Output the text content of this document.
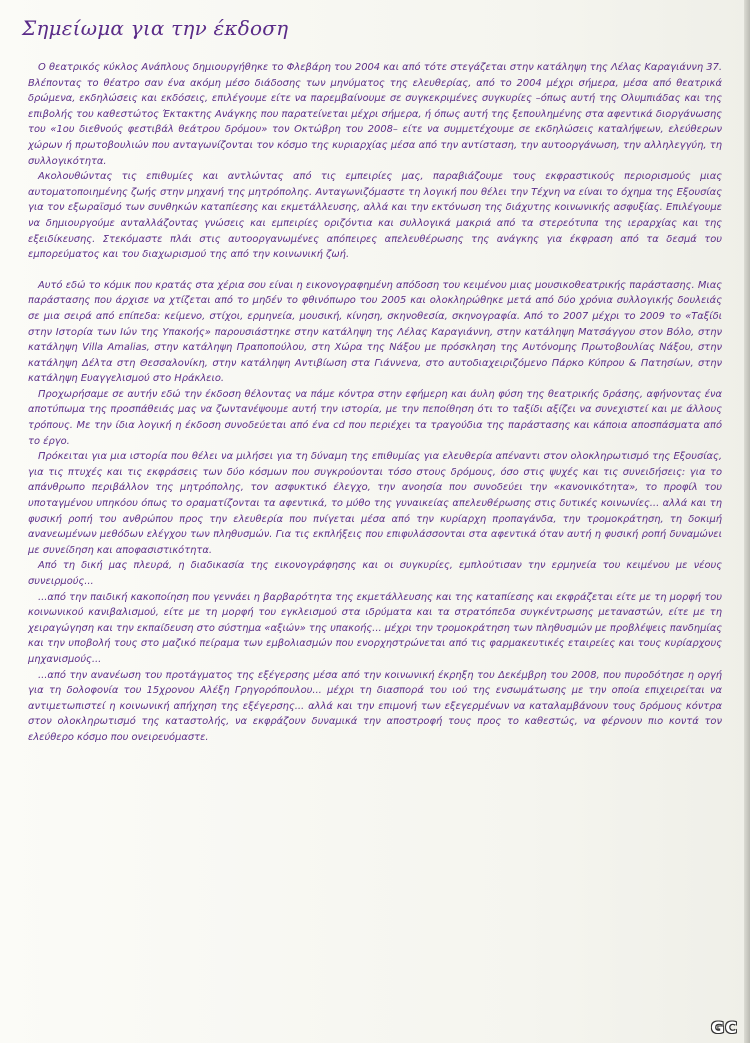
Σημείωμα για την έκδοση

Ο θεατρικός κύκλος Ανάπλους δημιουργήθηκε το Φλεβάρη του 2004 και από τότε στεγάζεται στην κατάληψη της Λέλας Καραγιάννη 37. Βλέποντας το θέατρο σαν ένα ακόμη μέσο διάδοσης των μηνύματος της ελευθερίας, από το 2004 μέχρι σήμερα, μέσα από θεατρικά δρώμενα, εκδηλώσεις και εκδόσεις, επιλέγουμε είτε να παρεμβαίνουμε σε συγκεκριμένες συγκυρίες –όπως αυτή της Ολυμπιάδας και της επιβολής του καθεστώτος Έκτακτης Ανάγκης που παρατείνεται μέχρι σήμερα, ή όπως αυτή της ξεπουλημένης στα αφεντικά διοργάνωσης του «1ου διεθνούς φεστιβάλ θεάτρου δρόμου» τον Οκτώβρη του 2008– είτε να συμμετέχουμε σε εκδηλώσεις καταλήψεων, ελεύθερων χώρων ή πρωτοβουλιών που ανταγωνίζονται τον κόσμο της κυριαρχίας μέσα από την αντίσταση, την αυτοοργάνωση, την αλληλεγγύη, τη συλλογικότητα.

Ακολουθώντας τις επιθυμίες και αντλώντας από τις εμπειρίες μας, παραβιάζουμε τους εκφραστικούς περιορισμούς μιας αυτοματοποιημένης ζωής στην μηχανή της μητρόπολης. Ανταγωνιζόμαστε τη λογική που θέλει την Τέχνη να είναι το όχημα της Εξουσίας για τον εξωραϊσμό των συνθηκών καταπίεσης και εκμετάλλευσης, αλλά και την εκτόνωση της διάχυτης κοινωνικής ασφυξίας. Επιλέγουμε να δημιουργούμε ανταλλάζοντας γνώσεις και εμπειρίες οριζόντια και συλλογικά μακριά από τα στερεότυπα της ιεραρχίας και της εξειδίκευσης. Στεκόμαστε πλάι στις αυτοοργανωμένες απόπειρες απελευθέρωσης της ανάγκης για έκφραση από τα δεσμά του εμπορεύματος και του διαχωρισμού της από την κοινωνική ζωή.

Αυτό εδώ το κόμικ που κρατάς στα χέρια σου είναι η εικονογραφημένη απόδοση του κειμένου μιας μουσικοθεατρικής παράστασης. Μιας παράστασης που άρχισε να χτίζεται από το μηδέν το φθινόπωρο του 2005 και ολοκληρώθηκε μετά από δύο χρόνια συλλογικής δουλειάς σε μια σειρά από επίπεδα: κείμενο, στίχοι, ερμηνεία, μουσική, κίνηση, σκηνοθεσία, σκηνογραφία. Από το 2007 μέχρι το 2009 το «Ταξίδι στην Ιστορία των Ιών της Υπακοής» παρουσιάστηκε στην κατάληψη της Λέλας Καραγιάννη, στην κατάληψη Ματσάγγου στον Βόλο, στην κατάληψη Villa Amalias, στην κατάληψη Πραποπούλου, στη Χώρα της Νάξου με πρόσκληση της Αυτόνομης Πρωτοβουλίας Νάξου, στην κατάληψη Δέλτα στη Θεσσαλονίκη, στην κατάληψη Αντιβίωση στα Γιάννενα, στο αυτοδιαχειριζόμενο Πάρκο Κύπρου & Πατησίων, στην κατάληψη Ευαγγελισμού στο Ηράκλειο.

Προχωρήσαμε σε αυτήν εδώ την έκδοση θέλοντας να πάμε κόντρα στην εφήμερη και άυλη φύση της θεατρικής δράσης, αφήνοντας ένα αποτύπωμα της προσπάθειάς μας να ζωντανέψουμε αυτή την ιστορία, με την πεποίθηση ότι το ταξίδι αξίζει να συνεχιστεί και με άλλους τρόπους. Με την ίδια λογική η έκδοση συνοδεύεται από ένα cd που περιέχει τα τραγούδια της παράστασης και κάποια αποσπάσματα από το έργο.

Πρόκειται για μια ιστορία που θέλει να μιλήσει για τη δύναμη της επιθυμίας για ελευθερία απέναντι στον ολοκληρωτισμό της Εξουσίας, για τις πτυχές και τις εκφράσεις των δύο κόσμων που συγκρούονται τόσο στους δρόμους, όσο στις ψυχές και τις συνειδήσεις: για το απάνθρωπο περιβάλλον της μητρόπολης, τον ασφυκτικό έλεγχο, την ανοησία που συνοδεύει την «κανονικότητα», το προφίλ του υποταγμένου υπηκόου όπως το οραματίζονται τα αφεντικά, το μύθο της γυναικείας απελευθέρωσης στις δυτικές κοινωνίες... αλλά και τη φυσική ροπή του ανθρώπου προς την ελευθερία που πνίγεται μέσα από την κυρίαρχη προπαγάνδα, την τρομοκράτηση, τη δοκιμή ανανεωμένων μεθόδων ελέγχου των πληθυσμών. Για τις εκπλήξεις που επιφυλάσσονται στα αφεντικά όταν αυτή η φυσική ροπή δυναμώνει με συνείδηση και αποφασιστικότητα.

Από τη δική μας πλευρά, η διαδικασία της εικονογράφησης και οι συγκυρίες, εμπλούτισαν την ερμηνεία του κειμένου με νέους συνειρμούς...

...από την παιδική κακοποίηση που γεννάει η βαρβαρότητα της εκμετάλλευσης και της καταπίεσης και εκφράζεται είτε με τη μορφή του κοινωνικού κανιβαλισμού, είτε με τη μορφή του εγκλεισμού στα ιδρύματα και τα στρατόπεδα συγκέντρωσης μεταναστών, είτε με τη χειραγώγηση και την εκπαίδευση στο σύστημα «αξιών» της υπακοής... μέχρι την τρομοκράτηση των πληθυσμών με προβλέψεις πανδημίας και την υποβολή τους στο μαζικό πείραμα των εμβολιασμών που ενορχηστρώνεται από τις φαρμακευτικές εταιρείες και τους κυρίαρχους μηχανισμούς...

...από την ανανέωση του πρoτάγματος της εξέγερσης μέσα από την κοινωνική έκρηξη του Δεκέμβρη του 2008, που πυροδότησε η οργή για τη δολοφονία του 15χρονου Αλέξη Γρηγορόπουλου... μέχρι τη διασπορά του ιού της ενσωμάτωσης με την οποία επιχειρείται να αντιμετωπιστεί η κοινωνική απήχηση της εξέγερσης... αλλά και την επιμονή των εξεγερμένων να καταλαμβάνουν τους δρόμους κόντρα στον ολοκληρωτισμό της καταστολής, να εκφράζουν δυναμικά την αποστροφή τους προς το καθεστώς, να φέρνουν πιο κοντά τον ελεύθερο κόσμο που ονειρευόμαστε.

GC
